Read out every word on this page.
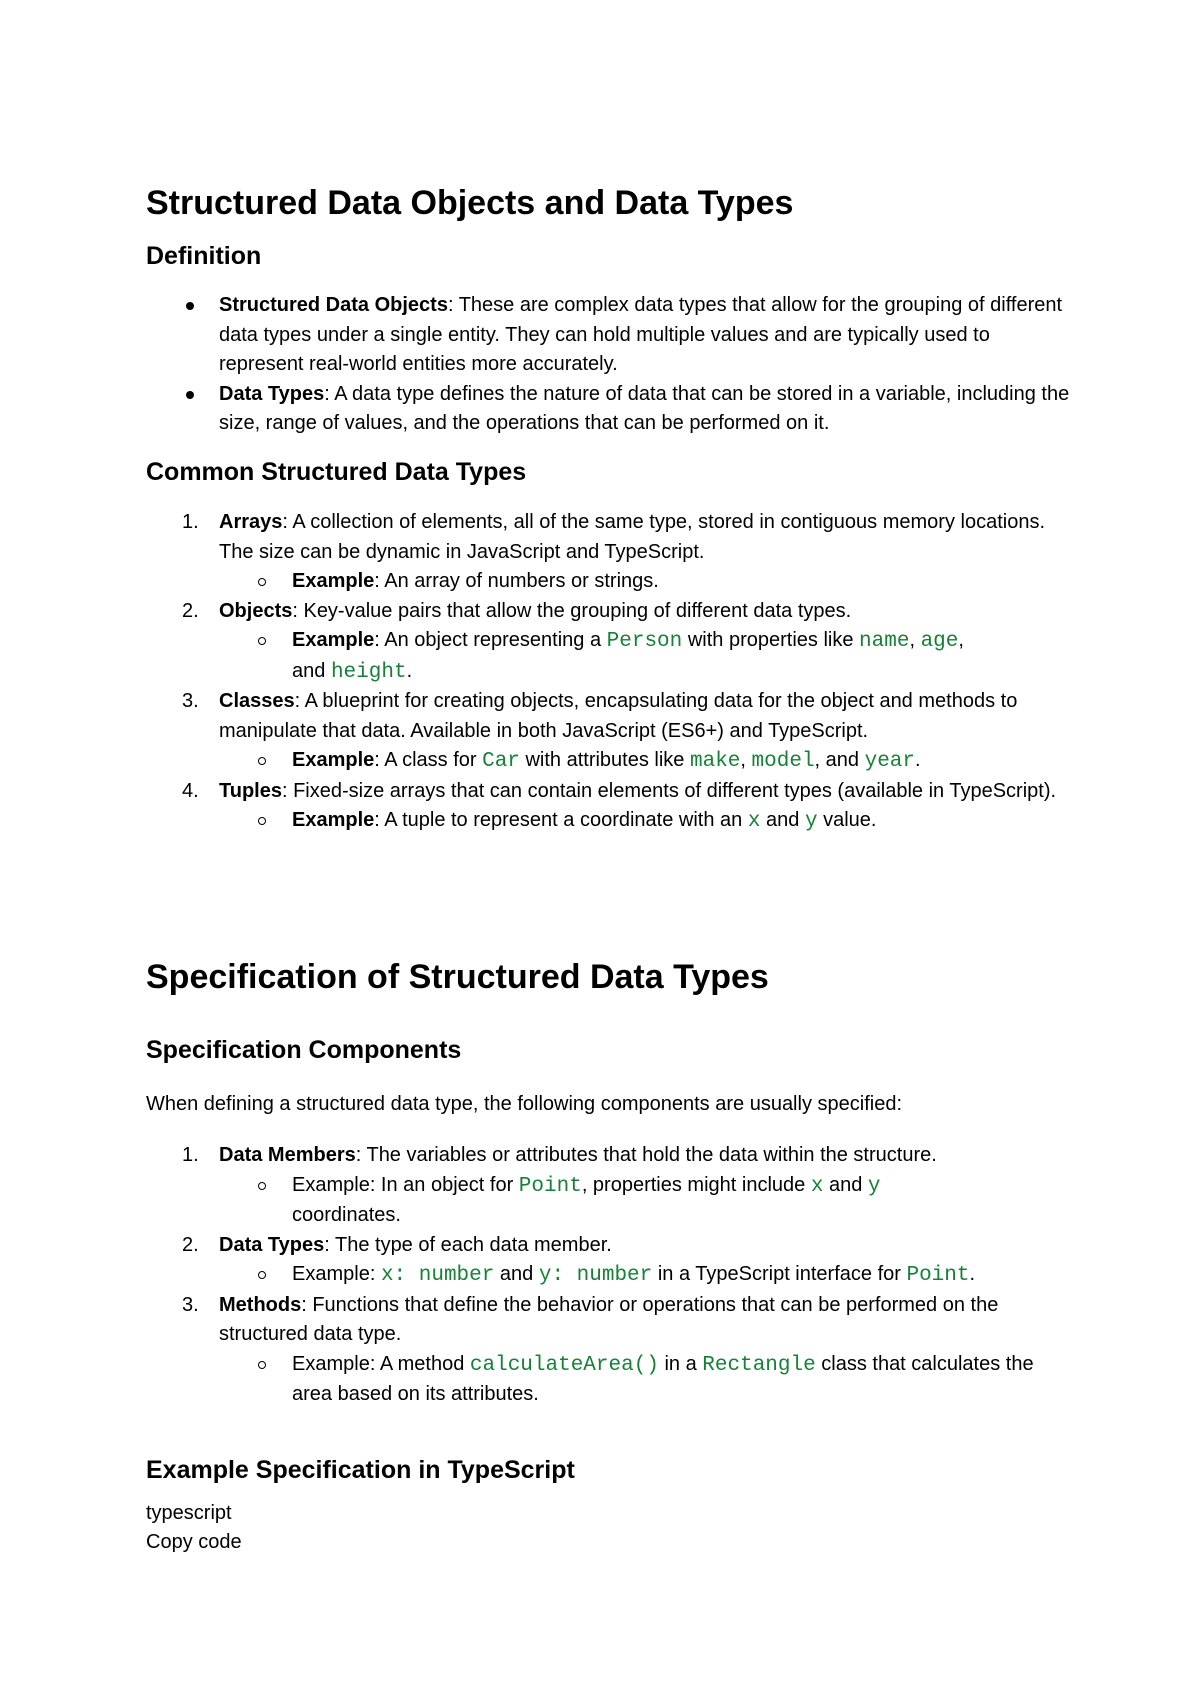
Structured Data Objects and Data Types
Definition
Structured Data Objects: These are complex data types that allow for the grouping of different data types under a single entity. They can hold multiple values and are typically used to represent real-world entities more accurately.
Data Types: A data type defines the nature of data that can be stored in a variable, including the size, range of values, and the operations that can be performed on it.
Common Structured Data Types
1. Arrays: A collection of elements, all of the same type, stored in contiguous memory locations. The size can be dynamic in JavaScript and TypeScript.
Example: An array of numbers or strings.
2. Objects: Key-value pairs that allow the grouping of different data types.
Example: An object representing a Person with properties like name, age,
and height.
3. Classes: A blueprint for creating objects, encapsulating data for the object and methods to manipulate that data. Available in both JavaScript (ES6+) and TypeScript.
Example: A class for Car with attributes like make, model, and year.
4. Tuples: Fixed-size arrays that can contain elements of different types (available in TypeScript).
Example: A tuple to represent a coordinate with an x and y value.
Specification of Structured Data Types
Specification Components

When defining a structured data type, the following components are usually specified:

1. Data Members: The variables or attributes that hold the data within the structure.
Example: In an object for Point, properties might include x and y
coordinates.
2. Data Types: The type of each data member.
Example: x: number and y: number in a TypeScript interface for Point.
3. Methods: Functions that define the behavior or operations that can be performed on the structured data type.
Example: A method calculateArea() in a Rectangle class that calculates the area based on its attributes.
Example Specification in TypeScript

typescript

Copy code
